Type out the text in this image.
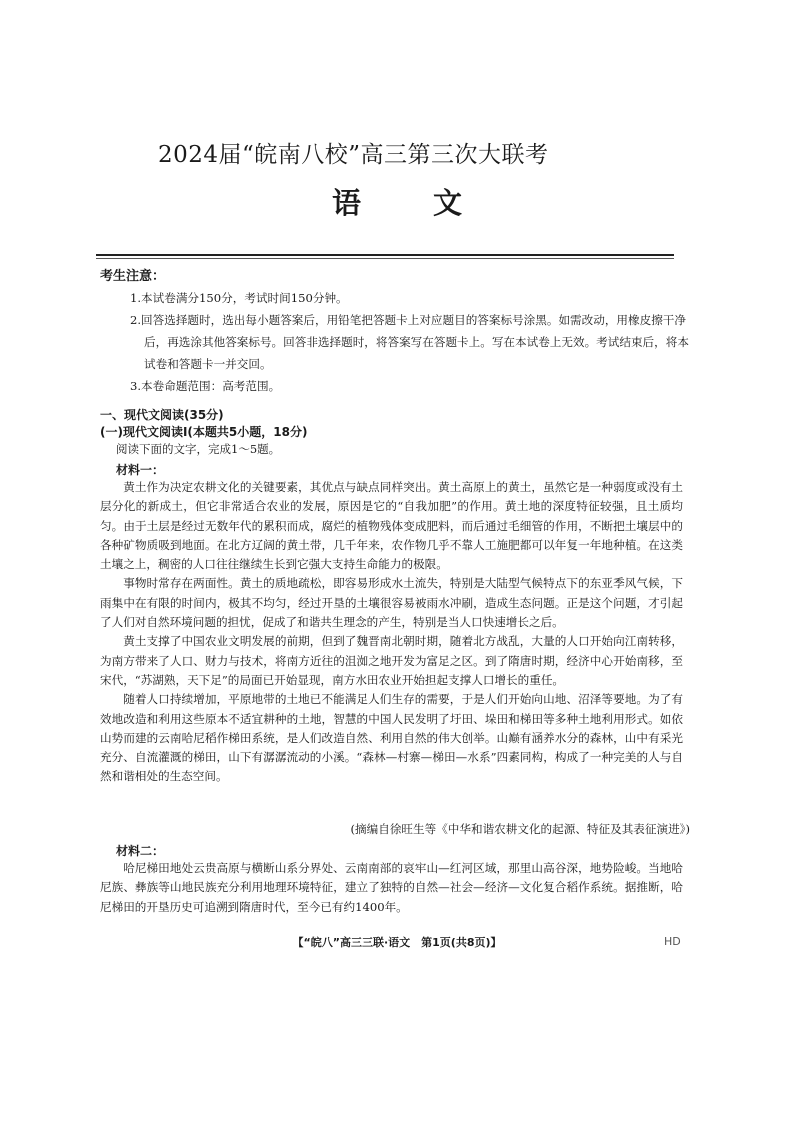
2024届“皖南八校”高三第三次大联考
语 文
考生注意：
1.本试卷满分150分，考试时间150分钟。
2.回答选择题时，选出每小题答案后，用铅笔把答题卡上对应题目的答案标号涂黑。如需改动，用橡皮擦干净后，再选涂其他答案标号。回答非选择题时，将答案写在答题卡上。写在本试卷上无效。考试结束后，将本试卷和答题卡一并交回。
3.本卷命题范围：高考范围。
一、现代文阅读(35分)
(一)现代文阅读Ⅰ(本题共5小题，18分)
阅读下面的文字，完成1～5题。
材料一：

黄土作为决定农耕文化的关键要素，其优点与缺点同样突出。黄土高原上的黄土，虽然它是一种弱度或没有土层分化的新成土，但它非常适合农业的发展，原因是它的“自我加肥”的作用。黄土地的深度特征较强，且土质均匀。由于土层是经过无数年代的累积而成，腐烂的植物残体变成肥料，而后通过毛细管的作用，不断把土壤层中的各种矿物质吸到地面。在北方辽阔的黄土带，几千年来，农作物几乎不靠人工施肥都可以年复一年地种植。在这类土壤之上，稠密的人口往往继续生长到它强大支持生命能力的极限。

事物时常存在两面性。黄土的质地疏松，即容易形成水土流失，特别是大陆型气候特点下的东亚季风气候，下雨集中在有限的时间内，极其不均匀，经过开垦的土壤很容易被雨水冲刷，造成生态问题。正是这个问题，才引起了人们对自然环境问题的担忧，促成了和谐共生理念的产生，特别是当人口快速增长之后。

黄土支撑了中国农业文明发展的前期，但到了魏晋南北朝时期，随着北方战乱，大量的人口开始向江南转移，为南方带来了人口、财力与技术，将南方近往的沮洳之地开发为富足之区。到了隋唐时期，经济中心开始南移，至宋代，“苏湖熟，天下足”的局面已开始显现，南方水田农业开始担起支撑人口增长的重任。

随着人口持续增加，平原地带的土地已不能满足人们生存的需要，于是人们开始向山地、沼泽等要地。为了有效地改造和利用这些原本不适宜耕种的土地，智慧的中国人民发明了圩田、垛田和梯田等多种土地利用形式。如依山势而建的云南哈尼稻作梯田系统，是人们改造自然、利用自然的伟大创举。山巅有涵养水分的森林，山中有采光充分、自流灌溉的梯田，山下有潺潺流动的小溪。“森林—村寨—梯田—水系”四素同构，构成了一种完美的人与自然和谐相处的生态空间。

(摘编自徐旺生等《中华和谐农耕文化的起源、特征及其表征演进》)
材料二：

哈尼梯田地处云贵高原与横断山系分界处、云南南部的哀牢山—红河区域，那里山高谷深，地势险峻。当地哈尼族、彝族等山地民族充分利用地理环境特征，建立了独特的自然—社会—经济—文化复合稻作系统。据推断，哈尼梯田的开垦历史可追溯到隋唐时代，至今已有约1400年。

【“皖八”高三三联·语文　第1页(共8页)】	HD
